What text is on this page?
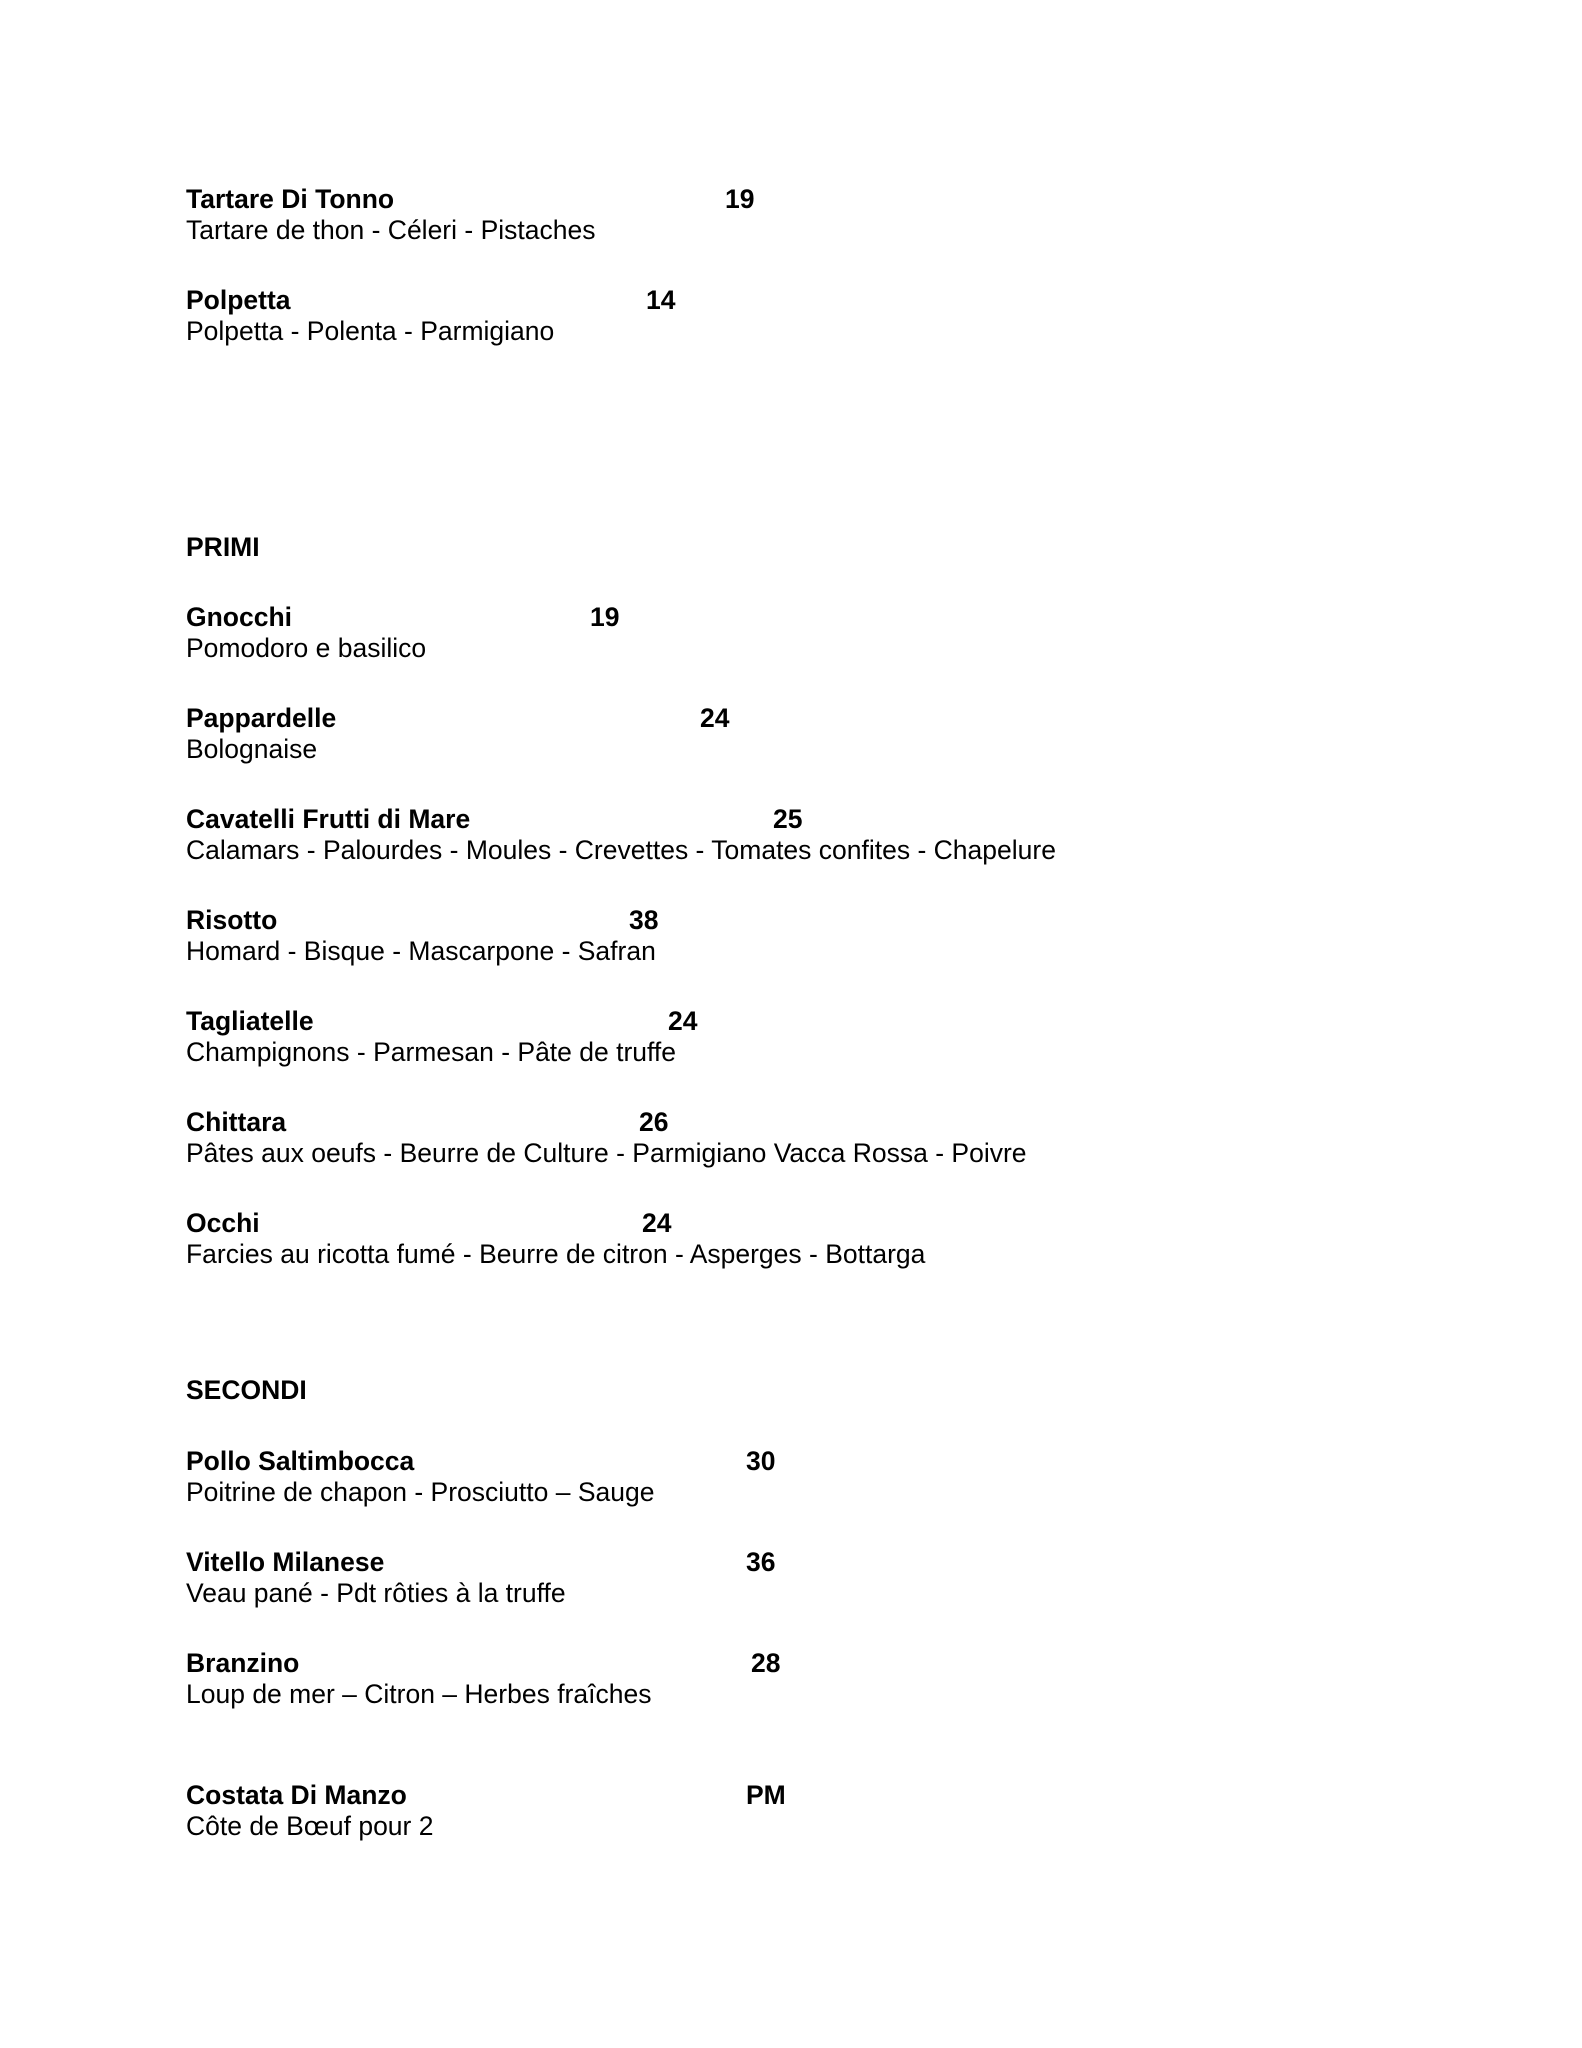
Tartare Di Tonno	19
Tartare de thon - Céleri - Pistaches
Polpetta	14
Polpetta - Polenta - Parmigiano
PRIMI
Gnocchi	19
Pomodoro e basilico
Pappardelle	24
Bolognaise
Cavatelli Frutti di Mare	25
Calamars - Palourdes - Moules - Crevettes - Tomates confites - Chapelure
Risotto	38
Homard - Bisque - Mascarpone - Safran
Tagliatelle	24
Champignons - Parmesan - Pâte de truffe
Chittara	26
Pâtes aux oeufs - Beurre de Culture - Parmigiano Vacca Rossa - Poivre
Occhi	24
Farcies au ricotta fumé - Beurre de citron - Asperges - Bottarga
SECONDI
Pollo Saltimbocca	30
Poitrine de chapon - Prosciutto – Sauge
Vitello Milanese	36
Veau pané - Pdt rôties à la truffe
Branzino	28
Loup de mer – Citron – Herbes fraîches
Costata Di Manzo	PM
Côte de Bœuf pour 2
